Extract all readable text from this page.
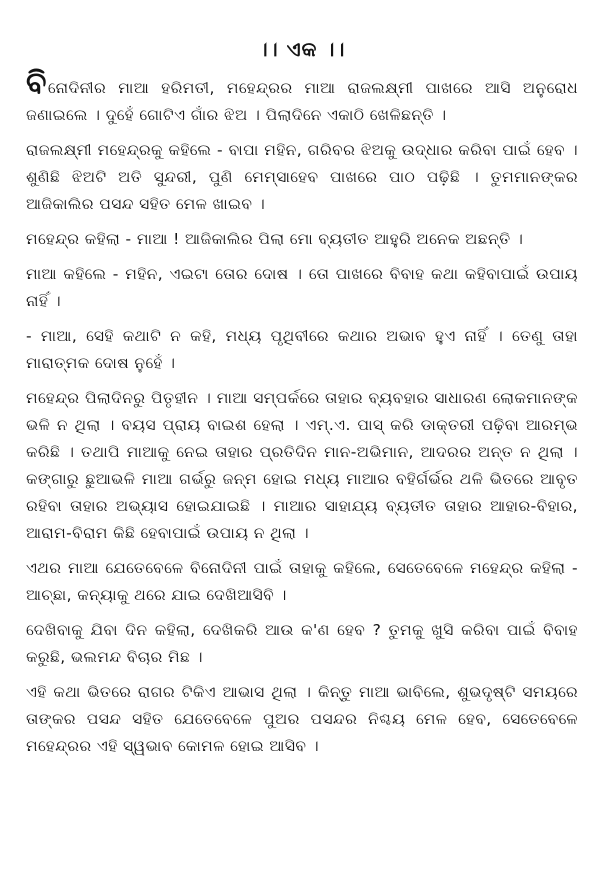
।। ଏକ ।।

ବିନୋଦିନୀର ମାଆ ହରିମତୀ, ମହେନ୍ଦ୍ରର ମାଆ ରାଜଲକ୍ଷ୍ମୀ ପାଖରେ ଆସି ଅନୁରୋଧ ଜଣାଇଲେ । ଦୁହେଁ ଗୋଟିଏ ଗାଁର ଝିଅ । ପିଲାଦିନେ ଏକାଠି ଖେଳିଛନ୍ତି ।

ରାଜଲକ୍ଷ୍ମୀ ମହେନ୍ଦ୍ରକୁ କହିଲେ - ବାପା ମହିନ, ଗରିବର ଝିଅକୁ ଉଦ୍ଧାର କରିବା ପାଇଁ ହେବ । ଶୁଣିଛି ଝିଅଟି ଅତି ସୁନ୍ଦରୀ, ପୁଣି ମେମ୍‌ସାହେବ ପାଖରେ ପାଠ ପଢ଼ିଛି । ତୁମମାନଙ୍କର ଆଜିକାଲିର ପସନ୍ଦ ସହିତ ମେଳ ଖାଇବ ।

ମହେନ୍ଦ୍ର କହିଲା - ମାଆ ! ଆଜିକାଲିର ପିଲା ମୋ ବ୍ୟତୀତ ଆହୁରି ଅନେକ ଅଛନ୍ତି ।

ମାଆ କହିଲେ - ମହିନ, ଏଇଟା ତୋର ଦୋଷ । ତୋ ପାଖରେ ବିବାହ କଥା କହିବାପାଇଁ ଉପାୟ ନାହିଁ ।

- ମାଆ, ସେହି କଥାଟି ନ କହି, ମଧ୍ୟ ପୃଥିବୀରେ କଥାର ଅଭାବ ହୁଏ ନାହିଁ । ତେଣୁ ତାହା ମାରାତ୍ମକ ଦୋଷ ନୁହେଁ ।

ମହେନ୍ଦ୍ର ପିଲାଦିନରୁ ପିତୃହୀନ । ମାଆ ସମ୍ପର୍କରେ ତାହାର ବ୍ୟବହାର ସାଧାରଣ ଲୋକମାନଙ୍କ ଭଳି ନ ଥିଲା । ବୟସ ପ୍ରାୟ ବାଇଶ ହେଲା । ଏମ୍‌.ଏ. ପାସ୍‌ କରି ଡାକ୍ତରୀ ପଢ଼ିବା ଆରମ୍ଭ କରିଛି । ତଥାପି ମାଆକୁ ନେଇ ତାହାର ପ୍ରତିଦିନ ମାନ-ଅଭିମାନ, ଆଦରର ଅନ୍ତ ନ ଥିଲା । କଙ୍ଗାରୁ ଛୁଆଭଳି ମାଆ ଗର୍ଭରୁ ଜନ୍ମ ହୋଇ ମଧ୍ୟ ମାଆର ବହିର୍ଗର୍ଭର ଥଳି ଭିତରେ ଆବୃତ ରହିବା ତାହାର ଅଭ୍ୟାସ ହୋଇଯାଇଛି । ମାଆର ସାହାଯ୍ୟ ବ୍ୟତୀତ ତାହାର ଆହାର-ବିହାର, ଆରାମ-ବିରାମ କିଛି ହେବାପାଇଁ ଉପାୟ ନ ଥିଲା ।

ଏଥର ମାଆ ଯେତେବେଳେ ବିନୋଦିନୀ ପାଇଁ ତାହାକୁ କହିଲେ, ସେତେବେଳେ ମହେନ୍ଦ୍ର କହିଲା - ଆଚ୍ଛା, କନ୍ୟାକୁ ଥରେ ଯାଇ ଦେଖିଆସିବି ।

ଦେଖିବାକୁ ଯିବା ଦିନ କହିଲା, ଦେଖିକରି ଆଉ କ'ଣ ହେବ ? ତୁମକୁ ଖୁସି କରିବା ପାଇଁ ବିବାହ କରୁଛି, ଭଲମନ୍ଦ ବିଚାର ମିଛ ।

ଏହି କଥା ଭିତରେ ରାଗର ଟିକିଏ ଆଭାସ ଥିଲା । କିନ୍ତୁ ମାଆ ଭାବିଲେ, ଶୁଭଦୃଷ୍ଟି ସମୟରେ ତାଙ୍କର ପସନ୍ଦ ସହିତ ଯେତେବେଳେ ପୁଅର ପସନ୍ଦର ନିଶ୍ଚୟ ମେଳ ହେବ, ସେତେବେଳେ ମହେନ୍ଦ୍ରର ଏହି ସ୍ୱଭାବ କୋମଳ ହୋଇ ଆସିବ ।
